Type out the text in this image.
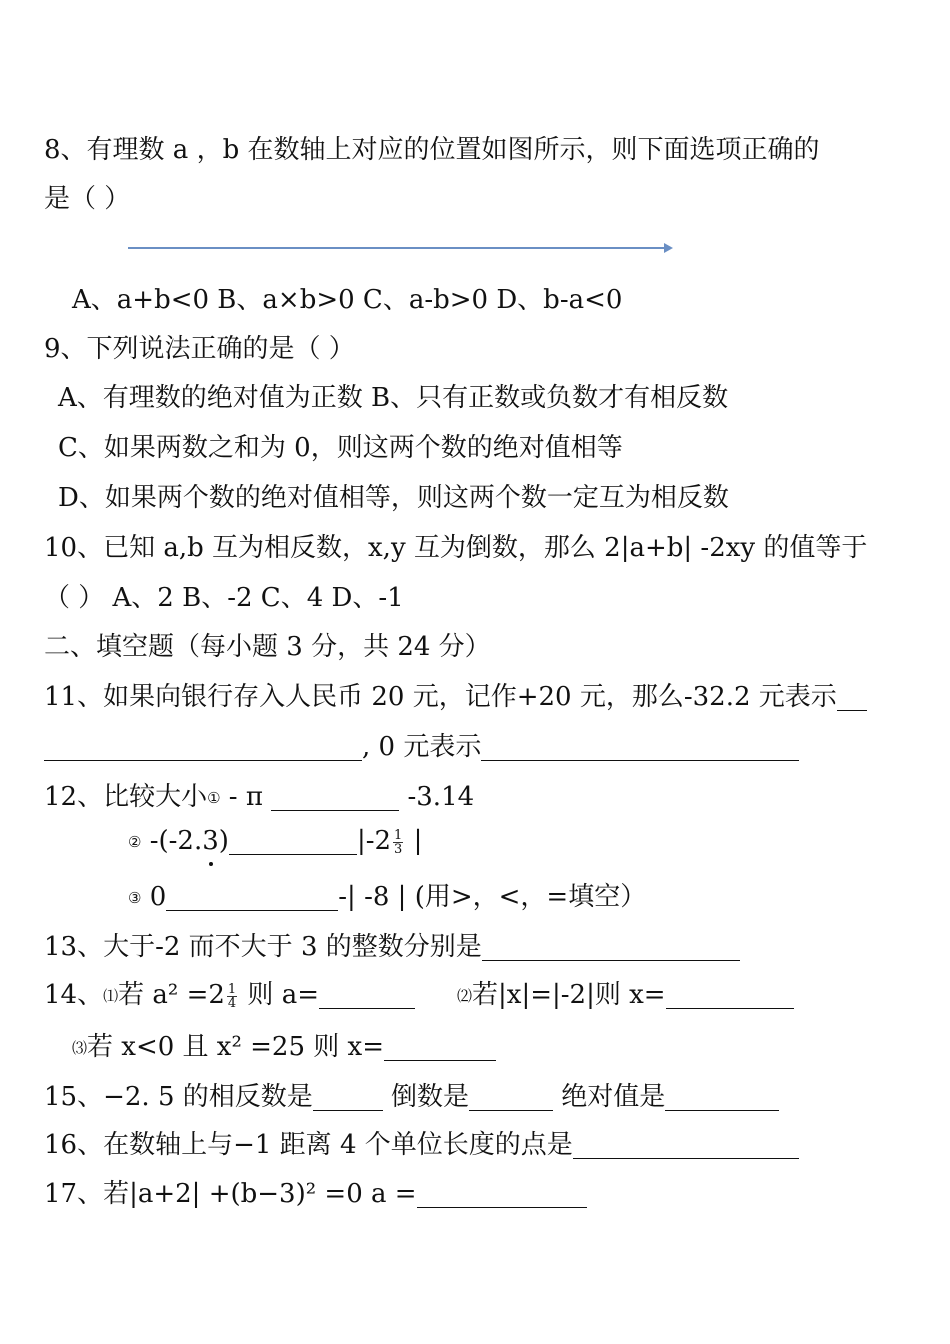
8、有理数 a ，b 在数轴上对应的位置如图所示，则下面选项正确的
是（ ）
A、a+b<0 B、a×b>0 C、a-b>0 D、b-a<0
9、下列说法正确的是（ ）
A、有理数的绝对值为正数 B、只有正数或负数才有相反数
C、如果两数之和为 0，则这两个数的绝对值相等
D、如果两个数的绝对值相等，则这两个数一定互为相反数
10、已知 a,b 互为相反数，x,y 互为倒数，那么 2|a+b| -2xy 的值等于
（ ） A、2 B、-2 C、4 D、-1
二、填空题（每小题 3 分，共 24 分）
11、如果向银行存入人民币 20 元，记作+20 元，那么-32.2 元表示
, 0 元表示
12、比较大小① - π	-3.14
② -(-2.3)	$|-2 \frac{1}{3}$ |
③ 0	-| -8 | (用>，<，=填空）
13、大于-2 而不大于 3 的整数分别是
14、⑴若 $a^2 =2 \frac{1}{4}$ 则 a=	⑵若|x|=|-2|则 x=
⑶若 x<0 且 x² =25 则 x=
15、−2. 5 的相反数是	倒数是	绝对值是
16、在数轴上与−1 距离 4 个单位长度的点是
17、若|a+2| +(b−3)² =0 a =
